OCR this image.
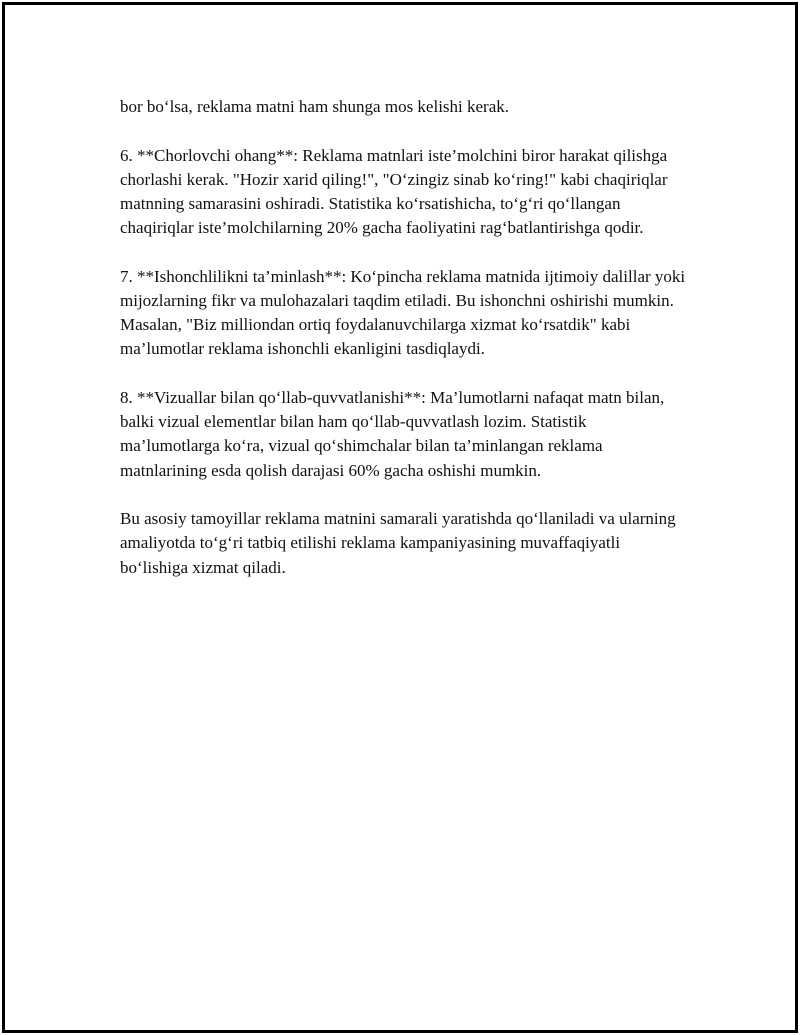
bor bo‘lsa, reklama matni ham shunga mos kelishi kerak.

6. **Chorlovchi ohang**: Reklama matnlari iste’molchini biror harakat qilishga chorlashi kerak. "Hozir xarid qiling!", "O‘zingiz sinab ko‘ring!" kabi chaqiriqlar matnning samarasini oshiradi. Statistika ko‘rsatishicha, to‘g‘ri qo‘llangan chaqiriqlar iste’molchilarning 20% gacha faoliyatini rag‘batlantirishga qodir.

7. **Ishonchlilikni ta’minlash**: Ko‘pincha reklama matnida ijtimoiy dalillar yoki mijozlarning fikr va mulohazalari taqdim etiladi. Bu ishonchni oshirishi mumkin. Masalan, "Biz milliondan ortiq foydalanuvchilarga xizmat ko‘rsatdik" kabi ma’lumotlar reklama ishonchli ekanligini tasdiqlaydi.

8. **Vizuallar bilan qo‘llab-quvvatlanishi**: Ma’lumotlarni nafaqat matn bilan, balki vizual elementlar bilan ham qo‘llab-quvvatlash lozim. Statistik ma’lumotlarga ko‘ra, vizual qo‘shimchalar bilan ta’minlangan reklama matnlarining esda qolish darajasi 60% gacha oshishi mumkin.

Bu asosiy tamoyillar reklama matnini samarali yaratishda qo‘llaniladi va ularning amaliyotda to‘g‘ri tatbiq etilishi reklama kampaniyasining muvaffaqiyatli bo‘lishiga xizmat qiladi.
